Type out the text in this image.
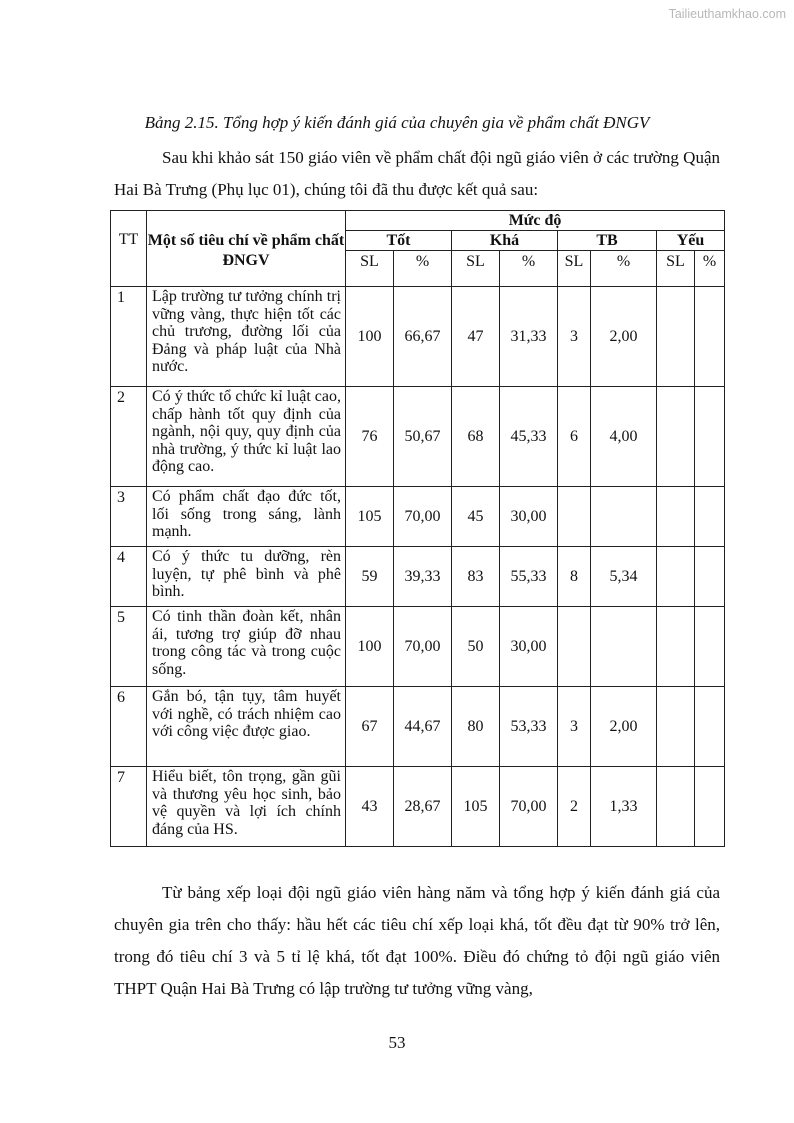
Tailieuthamkhao.com
Bảng 2.15. Tổng hợp ý kiến đánh giá của chuyên gia về phẩm chất ĐNGV

Sau khi khảo sát 150 giáo viên về phẩm chất đội ngũ giáo viên ở các trường Quận Hai Bà Trưng (Phụ lục 01), chúng tôi đã thu được kết quả sau:

TT	Một số tiêu chí về phẩm chất ĐNGV	Mức độ							
		Tốt		Khá		TB		Yếu	
		SL	%	SL	%	SL	%	SL	%
1	Lập trường tư tưởng chính trị vững vàng, thực hiện tốt các chủ trương, đường lối của Đảng và pháp luật của Nhà nước.	100	66,67	47	31,33	3	2,00		
2	Có ý thức tổ chức kỉ luật cao, chấp hành tốt quy định của ngành, nội quy, quy định của nhà trường, ý thức kỉ luật lao động cao.	76	50,67	68	45,33	6	4,00		
3	Có phẩm chất đạo đức tốt, lối sống trong sáng, lành mạnh.	105	70,00	45	30,00				
4	Có ý thức tu dưỡng, rèn luyện, tự phê bình và phê bình.	59	39,33	83	55,33	8	5,34		
5	Có tinh thần đoàn kết, nhân ái, tương trợ giúp đỡ nhau trong công tác và trong cuộc sống.	100	70,00	50	30,00				
6	Gắn bó, tận tụy, tâm huyết với nghề, có trách nhiệm cao với công việc được giao.	67	44,67	80	53,33	3	2,00		
7	Hiểu biết, tôn trọng, gần gũi và thương yêu học sinh, bảo vệ quyền và lợi ích chính đáng của HS.	43	28,67	105	70,00	2	1,33		

Từ bảng xếp loại đội ngũ giáo viên hàng năm và tổng hợp ý kiến đánh giá của chuyên gia trên cho thấy: hầu hết các tiêu chí xếp loại khá, tốt đều đạt từ 90% trở lên, trong đó tiêu chí 3 và 5 tỉ lệ khá, tốt đạt 100%. Điều đó chứng tỏ đội ngũ giáo viên THPT Quận Hai Bà Trưng có lập trường tư tưởng vững vàng,

53
